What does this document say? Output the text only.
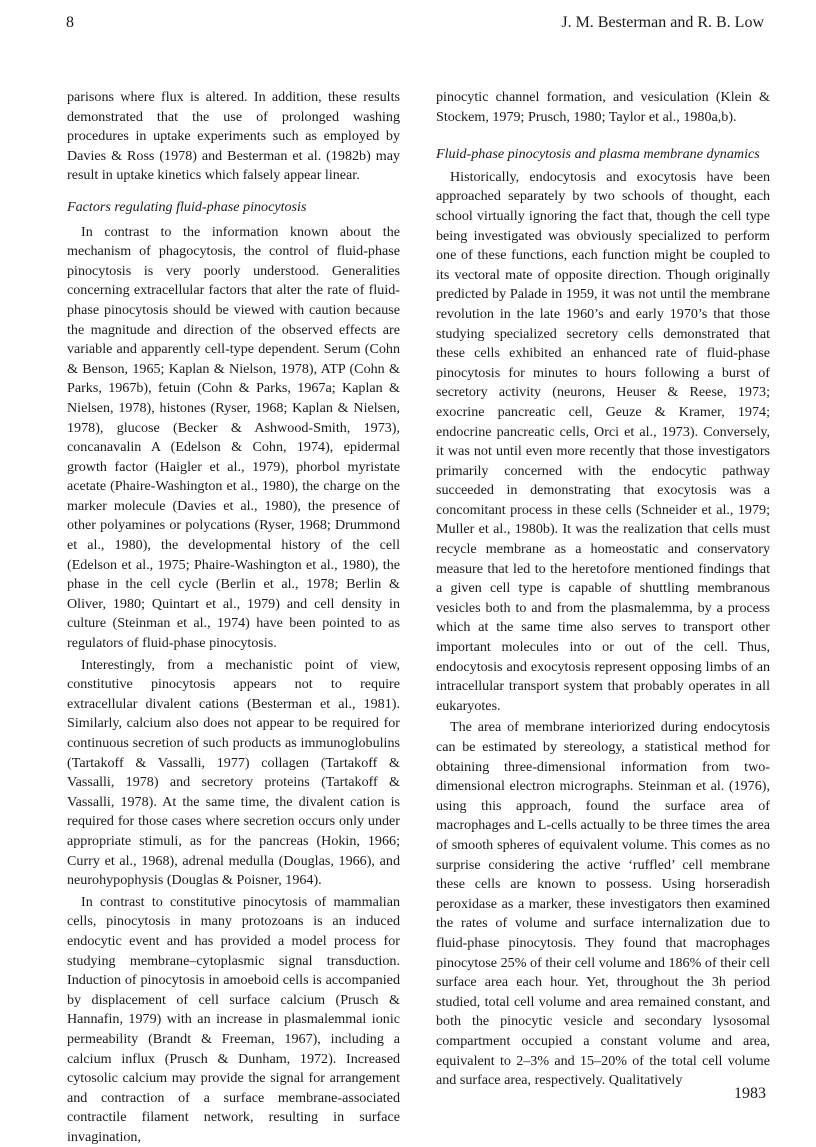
8	J. M. Besterman and R. B. Low

parisons where flux is altered. In addition, these results demonstrated that the use of prolonged washing procedures in uptake experiments such as employed by Davies & Ross (1978) and Besterman et al. (1982b) may result in uptake kinetics which falsely appear linear.

Factors regulating fluid-phase pinocytosis

In contrast to the information known about the mechanism of phagocytosis, the control of fluid-phase pinocytosis is very poorly understood. Generalities concerning extracellular factors that alter the rate of fluid-phase pinocytosis should be viewed with caution because the magnitude and direction of the observed effects are variable and apparently cell-type dependent. Serum (Cohn & Benson, 1965; Kaplan & Nielson, 1978), ATP (Cohn & Parks, 1967b), fetuin (Cohn & Parks, 1967a; Kaplan & Nielsen, 1978), histones (Ryser, 1968; Kaplan & Nielsen, 1978), glucose (Becker & Ashwood-Smith, 1973), concanavalin A (Edelson & Cohn, 1974), epidermal growth factor (Haigler et al., 1979), phorbol myristate acetate (Phaire-Washington et al., 1980), the charge on the marker molecule (Davies et al., 1980), the presence of other polyamines or polycations (Ryser, 1968; Drummond et al., 1980), the developmental history of the cell (Edelson et al., 1975; Phaire-Washington et al., 1980), the phase in the cell cycle (Berlin et al., 1978; Berlin & Oliver, 1980; Quintart et al., 1979) and cell density in culture (Steinman et al., 1974) have been pointed to as regulators of fluid-phase pinocytosis.

Interestingly, from a mechanistic point of view, constitutive pinocytosis appears not to require extracellular divalent cations (Besterman et al., 1981). Similarly, calcium also does not appear to be required for continuous secretion of such products as immunoglobulins (Tartakoff & Vassalli, 1977) collagen (Tartakoff & Vassalli, 1978) and secretory proteins (Tartakoff & Vassalli, 1978). At the same time, the divalent cation is required for those cases where secretion occurs only under appropriate stimuli, as for the pancreas (Hokin, 1966; Curry et al., 1968), adrenal medulla (Douglas, 1966), and neurohypophysis (Douglas & Poisner, 1964).

In contrast to constitutive pinocytosis of mammalian cells, pinocytosis in many protozoans is an induced endocytic event and has provided a model process for studying membrane–cytoplasmic signal transduction. Induction of pinocytosis in amoeboid cells is accompanied by displacement of cell surface calcium (Prusch & Hannafin, 1979) with an increase in plasmalemmal ionic permeability (Brandt & Freeman, 1967), including a calcium influx (Prusch & Dunham, 1972). Increased cytosolic calcium may provide the signal for arrangement and contraction of a surface membrane-associated contractile filament network, resulting in surface invagination,

pinocytic channel formation, and vesiculation (Klein & Stockem, 1979; Prusch, 1980; Taylor et al., 1980a,b).

Fluid-phase pinocytosis and plasma membrane dynamics

Historically, endocytosis and exocytosis have been approached separately by two schools of thought, each school virtually ignoring the fact that, though the cell type being investigated was obviously specialized to perform one of these functions, each function might be coupled to its vectoral mate of opposite direction. Though originally predicted by Palade in 1959, it was not until the membrane revolution in the late 1960’s and early 1970’s that those studying specialized secretory cells demonstrated that these cells exhibited an enhanced rate of fluid-phase pinocytosis for minutes to hours following a burst of secretory activity (neurons, Heuser & Reese, 1973; exocrine pancreatic cell, Geuze & Kramer, 1974; endocrine pancreatic cells, Orci et al., 1973). Conversely, it was not until even more recently that those investigators primarily concerned with the endocytic pathway succeeded in demonstrating that exocytosis was a concomitant process in these cells (Schneider et al., 1979; Muller et al., 1980b). It was the realization that cells must recycle membrane as a homeostatic and conservatory measure that led to the heretofore mentioned findings that a given cell type is capable of shuttling membranous vesicles both to and from the plasmalemma, by a process which at the same time also serves to transport other important molecules into or out of the cell. Thus, endocytosis and exocytosis represent opposing limbs of an intracellular transport system that probably operates in all eukaryotes.

The area of membrane interiorized during endocytosis can be estimated by stereology, a statistical method for obtaining three-dimensional information from two-dimensional electron micrographs. Steinman et al. (1976), using this approach, found the surface area of macrophages and L-cells actually to be three times the area of smooth spheres of equivalent volume. This comes as no surprise considering the active ‘ruffled’ cell membrane these cells are known to possess. Using horseradish peroxidase as a marker, these investigators then examined the rates of volume and surface internalization due to fluid-phase pinocytosis. They found that macrophages pinocytose 25% of their cell volume and 186% of their cell surface area each hour. Yet, throughout the 3h period studied, total cell volume and area remained constant, and both the pinocytic vesicle and secondary lysosomal compartment occupied a constant volume and area, equivalent to 2–3% and 15–20% of the total cell volume and surface area, respectively. Qualitatively

1983
